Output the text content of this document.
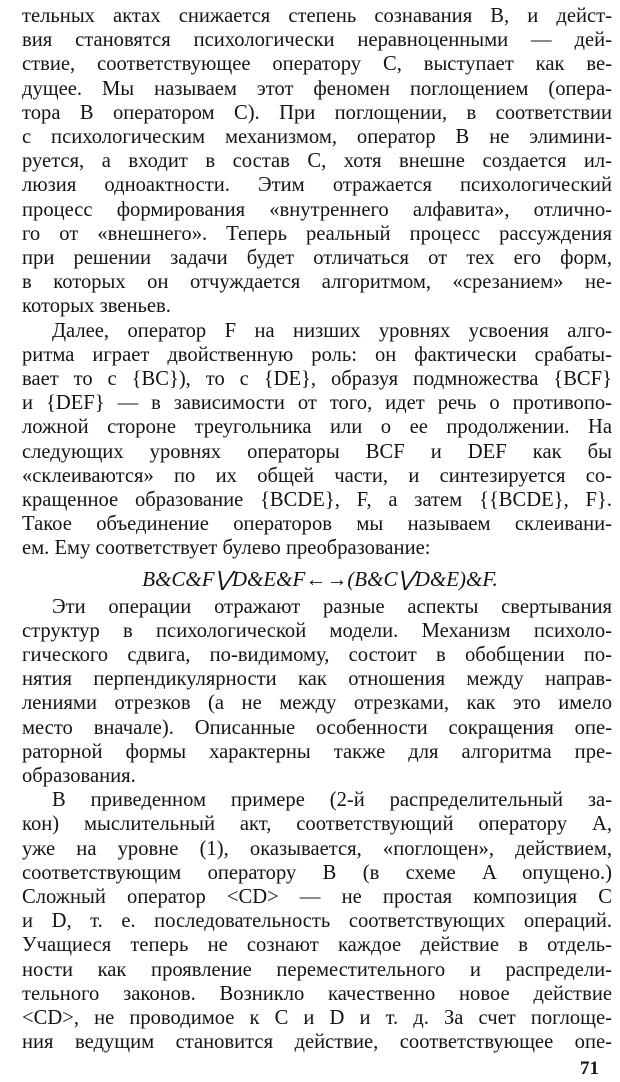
тельных актах снижается степень сознавания B, и дейст-
вия становятся психологически неравноценными — дей-
ствие, соответствующее оператору C, выступает как ве-
дущее. Мы называем этот феномен поглощением (опера-
тора B оператором C). При поглощении, в соответствии
с психологическим механизмом, оператор B не элимини-
руется, а входит в состав C, хотя внешне создается ил-
люзия одноактности. Этим отражается психологический
процесс формирования «внутреннего алфавита», отлично-
го от «внешнего». Теперь реальный процесс рассуждения
при решении задачи будет отличаться от тех его форм,
в которых он отчуждается алгоритмом, «срезанием» не-
которых звеньев.
Далее, оператор F на низших уровнях усвоения алго-
ритма играет двойственную роль: он фактически срабаты-
вает то с {BC}), то с {DE}, образуя подмножества {BCF}
и {DEF} — в зависимости от того, идет речь о противопо-
ложной стороне треугольника или о ее продолжении. На
следующих уровнях операторы BCF и DEF как бы
«склеиваются» по их общей части, и синтезируется со-
кращенное образование {BCDE}, F, а затем {{BCDE}, F}.
Такое объединение операторов мы называем склеивани-
ем. Ему соответствует булево преобразование:
B&C&F⋁D&E&F←→(B&C⋁D&E)&F.
Эти операции отражают разные аспекты свертывания
структур в психологической модели. Механизм психоло-
гического сдвига, по-видимому, состоит в обобщении по-
нятия перпендикулярности как отношения между направ-
лениями отрезков (а не между отрезками, как это имело
место вначале). Описанные особенности сокращения опе-
раторной формы характерны также для алгоритма пре-
образования.
В приведенном примере (2-й распределительный за-
кон) мыслительный акт, соответствующий оператору A,
уже на уровне (1), оказывается, «поглощен», действием,
соответствующим оператору B (в схеме A опущено.)
Сложный оператор <CD> — не простая композиция C
и D, т. е. последовательность соответствующих операций.
Учащиеся теперь не сознают каждое действие в отдель-
ности как проявление переместительного и распредели-
тельного законов. Возникло качественно новое действие
<CD>, не проводимое к C и D и т. д. За счет поглоще-
ния ведущим становится действие, соответствующее опе-
71
